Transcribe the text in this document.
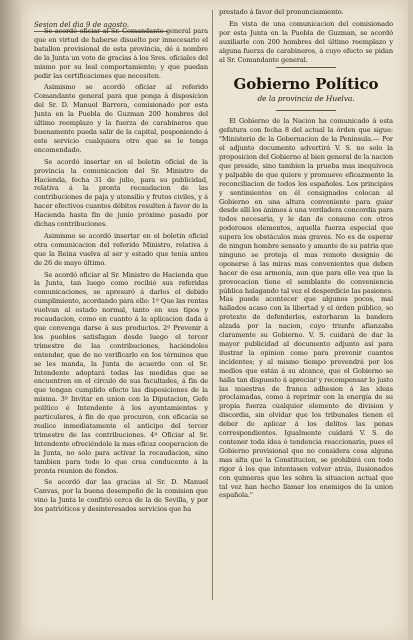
Sesion del dia 9 de agosto.

Se acordó oficiar al Sr. Comandante general para que en virtud de haberse disuelto por innecesario el batallon provisional de esta provincia, dé á nombre de la Junta un voto de gracias á los Sres. oficiales del mismo por su leal comportamiento; y que puedan pedir las certificaciones que necesiten.

Asimismo se acordó oficiar al referido Comandante general para que ponga á disposicion del Sr. D. Manuel Barrera, comisionado por esta Junta en la Puebla de Guzman 200 hombres del último reemplazo y la fuerza de carabineros que buenamente pueda salir de la capital, posponiendo á este servicio cualquiera otro que se le tenga encomendado.

Se acordó insertar en el boletin oficial de la provincia la comunicacion del Sr. Ministro de Hacienda, fecha 31 de julio, para su publicidad, relativa á la pronta recaudacion de las contribuciones de paja y utensilio y frutos civiles, y á hacer efectivos cuantos débitos resulten á favor de la Hacienda hasta fin de junio próximo pasado por dichas contribuciones.

Asimismo se acordó insertar en el boletin oficial otra comunicacion del referido Ministro, relativa á que la Reina vuelva al ser y estado que tenia antes de 26 de mayo último.

Se acordó oficiar al Sr. Ministro de Hacienda que la Junta, tan luego como recibió sus referidas comunicaciones, se apresuró á darles el debido cumplimiento, acordando para ello: 1º Que las rentas vuelvan al estado normal, tanto en sus tipos y recaudacion, como en cuanto á la aplicacion dada á que convenga darse á sus productos. 2º Prevenir á los pueblos satisfagan desde luego el tercer trimestre de las contribuciones, haciéndoles entender, que de no verificarlo en los términos que se les manda, la Junta de acuerdo con el Sr. Intendente adoptará todas las medidas que se encuentren en el circulo de sus facultades, á fin de que tengan cumplido efecto las disposiciones de la misma. 3º Invitar en union con la Diputacion, Gefe político é Intendente á los ayuntamientos y particulares, á fin de que procuren, con eficacia se realice inmediatamente el anticipo del tercer trimestre de las contribuciones. 4º Oficiar al Sr. Intendente ofreciéndole la mas eficaz cooperacion de la Junta, no solo para activar la recaudacion, sino tambien para todo lo que crea conducente á la pronta reunion de fondos.

Se acordó dar las gracias al Sr. D. Manuel Canvas, por la buena desempeño de la comision que vino la Junta le confirió cerca de la de Sevilla, y por los patrióticos y desinteresados servicios que ha

prestado á favor del pronunciamiento.

En vista de una comunicacion del comisionado por esta Junta en la Puebla de Guzman, se acordó auxiliarle con 200 hombres del último reemplazo y alguna fuerza de carabineros, á cuyo efecto se pidan al Sr. Comandante general.

Gobierno Político
de la provincia de Huelva.

El Gobierno de la Nacion ha comunicado á esta gefatura con fecha 8 del actual la órden que sigue: "Ministerio de la Gobernacion de la Península.— Por el adjunto documento advertirá V. S. no solo la proposicion del Gobierno al bien general de la nacion que preside, sino tambien la prueba mas inequívoca y palpable de que quiere y promueve eficazmente la reconciliacion de todos los españoles. Los principios y sentimientos en él consignados colocan al Gobierno en una altura conveniente para guiar desde allí los ánimos á una verdadera concordia para todos necesaria, y le dan de consuno con otros poderosos elementos, aquella fuerza especial que supera los obstáculos mas graves. No es de esperar de ningun hombre sensato y amante de su patria que ninguno se proteja el mas remoto designio de oponerse á las miras mas convenientes que deben hacer de esa armonía, aun que para ello vea que la provocacion tiene el semblante de conveniencia pública halagando tal vez el desperdicio las pasiones. Mas puede acontecer que algunos pocos, mal hallados acaso con la libertad y el órden público, so pretexto de defenderlos, estorbaran la bandera alzada por la nacion, cuyo triunfo afianzaba claramente su Gobierno. V. S. cuidará de dar la mayor publicidad al documento adjunto así para ilustrar la opinion como para prevenir cuantos incidentes; y al mismo tiempo prevendrá por los medios que están á su alcance, que el Gobierno se halla tan dispuesto á apreciar y recompensar lo justo las muestras de franca adhesion á las ideas proclamadas, como á reprimir con la energía de su propia fuerza cualquier elemento de division y discordia, sin olvidar que los tribunales tienen el deber de aplicar á los delitos las penas correspondientes. Igualmente cuidará V. S. de contener toda idea ó tendencia reaccionaria, pues el Gobierno provisional que no considera cosa alguna mas alta que la Constitucion, se prohibirá con todo rigor á los que intentasen volver atrás, ilusionados con quimeras que les sobra la situacion actual que tal vez han hecho llamar los enemigos de la union española."
